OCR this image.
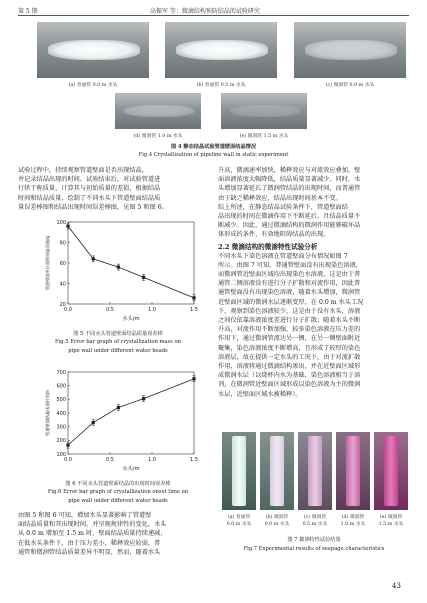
第 5 期	高振军 等：微滴结构预防结晶的试验研究
(a) 普通管 0.0 m 水头	(b) 普通管 0.5 m 水头	(c) 微润管 0.0 m 水头
(d) 微润管 1.0 m 水头	(e) 微润管 1.5 m 水头
图 4 静态结晶试验管道壁面结晶情况
Fig.4 Crystallization of pipeline wall in static experiment
试验过程中，持续观察管道壁面是否出现结晶，
并记录结晶出现的时间。试验结束后，对试验管道进
行烘干称质量，计算其与初始质量的差值，根据结晶
时间和结晶质量，绘制了不同水头下管道壁面结晶质
量误差棒图和结晶出现时间误差棒图，见图 5 和图 6。
0.0	0.5	1.0	1.5
20
40
60
80
100
水头/m
管道壁面单位面积结晶质量/g
图 5 不同水头管道壁面结晶质量误差棒
Fig.5 Error bar graph of crystallization mass on
pipe wall under different water heads
0.0	0.5	1.0	1.5
100
200
300
400
500
600
700
水头/m
管道壁面结晶出现时间/h
图 6 不同水头管道壁面结晶的出现时间误差棒
Fig.6 Error bar graph of crystallization onset time on
pipe wall under different water heads
由图 5 和图 6 可知，增加水头显著影响了管道壁
面结晶质量和其出现时间，并呈现规律性的变化，水头
从 0.0 m 增加至 1.5 m 时，壁面结晶质量持续递减，
在低水头条件下，由于压力差小，稀释效应较弱，普
通管和微润管结晶质量差异不明显，然而，随着水头
升高，微滴速率加快，稀释效应与对流效应叠加，壁
面溶液浓度大幅降低，结晶质量显著减少。同时，水
头增加显著延长了微润管结晶的出现时间，而普通管
由于缺乏稀释效应，结晶出现时间基本不变。
综上所述，在静态结晶试验条件下，管道壁面结
晶出现的时间在微滴作用下不断延后，且结晶质量不
断减少。因此，通过微滴结构的微润作用能够破坏晶
体形成的条件，有效地阻碍结晶的出现。
2.2 微滴结构的微渗特性试验分析
不同水头下染色溶液在管道壁面分布情况如图 7
所示。由图 7 可知，普通管壁面没有出现染色溶液，
而微润管近壁面区域均出现染色水溶液，这是由于普
通管二侧溶液没有进行分子扩散和对流作用，因此普
通管壁面没有出现染色溶液，随着水头增加，微润管
近壁面区域的微润水层逐渐变厚，在 0.0 m 水头工况
下，观察到染色溶液较少，这是由于没有水头，溶液
之间仅依靠溶液浓度差进行分子扩散；随着水头不断
升高，对流作用不断加强，较多染色溶液在压力差的
作用下，通过微润管流达另一侧，在另一侧壁面附近
聚集，染色溶液浓度不断增高，且形成了较厚的染色
溶液层，故在提供一定水头的工况下，由于对流扩散
作用，溶液将通过微滴结构渗出，并在近壁面区域形
成微润水层（以烧杯内水为基础，染色溶液相当于溶
剂，在微润管近壁面区域形成以染色溶液为主的微润
水层，近壁面区域水被稀释）。
(a) 普通管
0.0 m 水头
(b) 微润管
0.0 m 水头
(c) 微润管
0.5 m 水头
(d) 微润管
1.0 m 水头
(e) 微润管
1.5 m 水头
图 7 微渗特性试验结果
Fig.7 Experimental results of seepage characteristics
43
